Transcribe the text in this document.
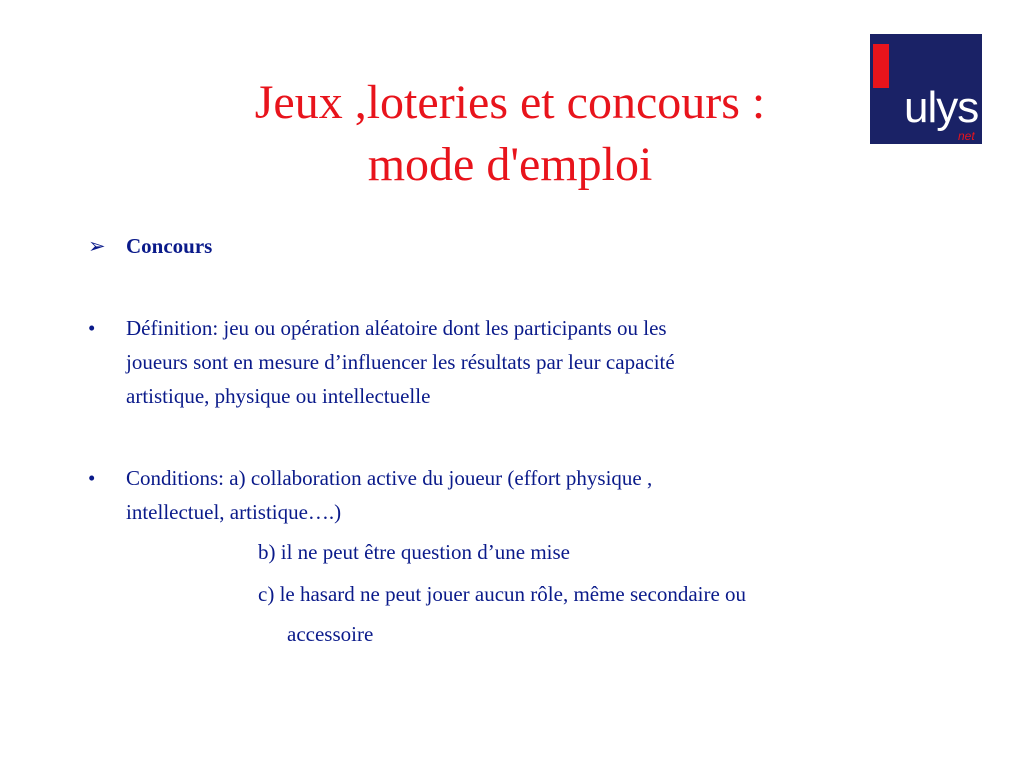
Jeux ,loteries et concours :
mode d'emploi
ulys
net
➢ Concours
• Définition: jeu ou opération aléatoire dont les participants ou les
joueurs sont en mesure d’influencer les résultats par leur capacité
artistique, physique ou intellectuelle
• Conditions: a) collaboration active du joueur (effort physique ,
intellectuel, artistique….)
b) il ne peut être question d’une mise
c) le hasard ne peut jouer aucun rôle, même secondaire ou
accessoire
